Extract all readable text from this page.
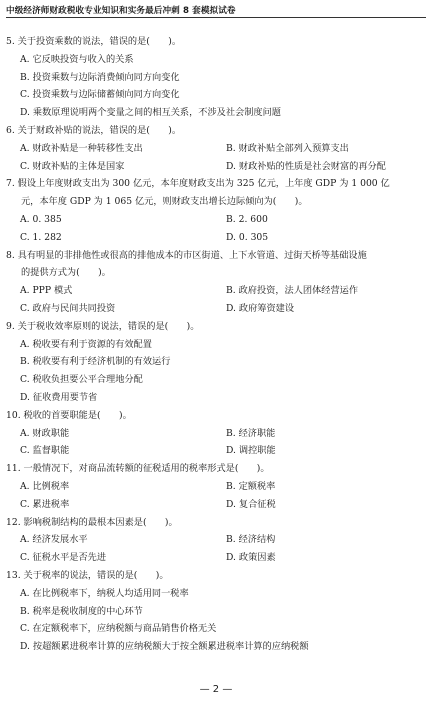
中级经济师财政税收专业知识和实务最后冲刺 8 套模拟试卷
5. 关于投资乘数的说法，错误的是(　　)。
A. 它反映投资与收入的关系
B. 投资乘数与边际消费倾向同方向变化
C. 投资乘数与边际储蓄倾向同方向变化
D. 乘数原理说明两个变量之间的相互关系，不涉及社会制度问题
6. 关于财政补贴的说法，错误的是(　　)。
A. 财政补贴是一种转移性支出	B. 财政补贴全部列入预算支出
C. 财政补贴的主体是国家	D. 财政补贴的性质是社会财富的再分配
7. 假设上年度财政支出为 300 亿元，本年度财政支出为 325 亿元，上年度 GDP 为 1 000 亿
元，本年度 GDP 为 1 065 亿元，则财政支出增长边际倾向为(　　)。
A. 0. 385	B. 2. 600
C. 1. 282	D. 0. 305
8. 具有明显的非排他性或很高的排他成本的市区街道、上下水管道、过街天桥等基础设施
的提供方式为(　　)。
A. PPP 模式	B. 政府投资，法人团体经营运作
C. 政府与民间共同投资	D. 政府筹资建设
9. 关于税收效率原则的说法，错误的是(　　)。
A. 税收要有利于资源的有效配置
B. 税收要有利于经济机制的有效运行
C. 税收负担要公平合理地分配
D. 征收费用要节省
10. 税收的首要职能是(　　)。
A. 财政职能	B. 经济职能
C. 监督职能	D. 调控职能
11. 一般情况下，对商品流转额的征税适用的税率形式是(　　)。
A. 比例税率	B. 定额税率
C. 累进税率	D. 复合征税
12. 影响税制结构的最根本因素是(　　)。
A. 经济发展水平	B. 经济结构
C. 征税水平是否先进	D. 政策因素
13. 关于税率的说法，错误的是(　　)。
A. 在比例税率下，纳税人均适用同一税率
B. 税率是税收制度的中心环节
C. 在定额税率下，应纳税额与商品销售价格无关
D. 按超额累进税率计算的应纳税额大于按全额累进税率计算的应纳税额
— 2 —
